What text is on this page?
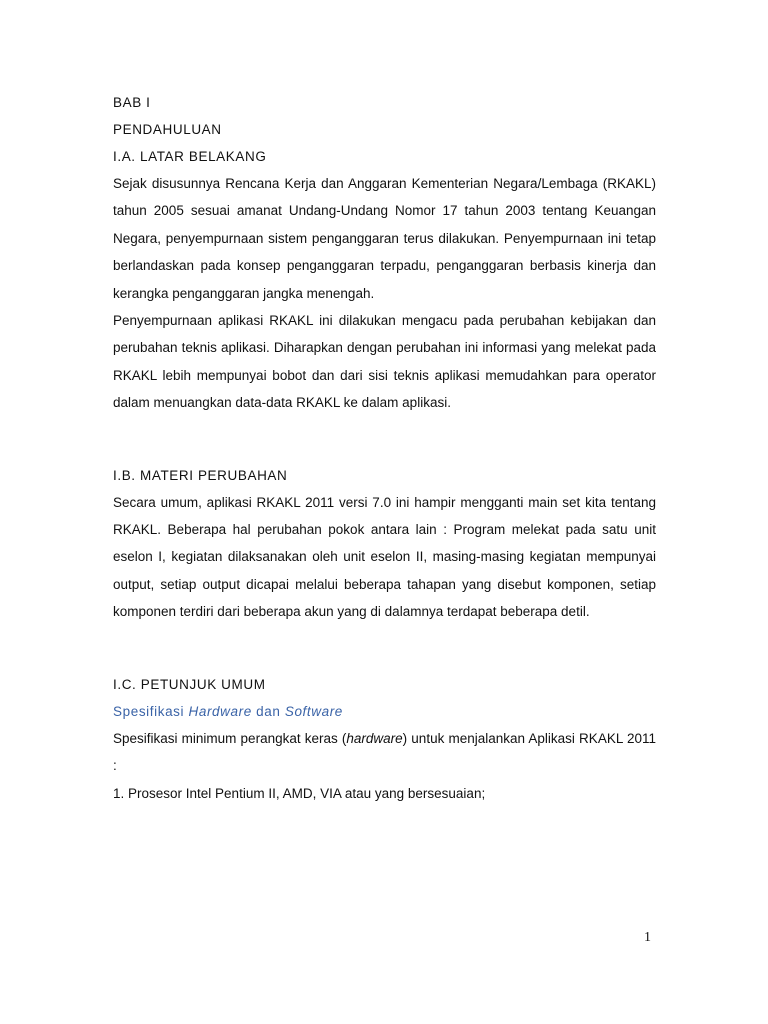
BAB I

PENDAHULUAN

I.A. LATAR BELAKANG

Sejak disusunnya Rencana Kerja dan Anggaran Kementerian Negara/Lembaga (RKAKL) tahun 2005 sesuai amanat Undang-Undang Nomor 17 tahun 2003 tentang Keuangan Negara, penyempurnaan sistem penganggaran terus dilakukan. Penyempurnaan ini tetap berlandaskan pada konsep penganggaran terpadu, penganggaran berbasis kinerja dan kerangka penganggaran jangka menengah.

Penyempurnaan aplikasi RKAKL ini dilakukan mengacu pada perubahan kebijakan dan perubahan teknis aplikasi. Diharapkan dengan perubahan ini informasi yang melekat pada RKAKL lebih mempunyai bobot dan dari sisi teknis aplikasi memudahkan para operator dalam menuangkan data-data RKAKL ke dalam aplikasi.

I.B. MATERI PERUBAHAN

Secara umum, aplikasi RKAKL 2011 versi 7.0 ini hampir mengganti main set kita tentang RKAKL. Beberapa hal perubahan pokok antara lain : Program melekat pada satu unit eselon I, kegiatan dilaksanakan oleh unit eselon II, masing-masing kegiatan mempunyai output, setiap output dicapai melalui beberapa tahapan yang disebut komponen, setiap komponen terdiri dari beberapa akun yang di dalamnya terdapat beberapa detil.

I.C. PETUNJUK UMUM

Spesifikasi Hardware dan Software

Spesifikasi minimum perangkat keras (hardware) untuk menjalankan Aplikasi RKAKL 2011 :

1. Prosesor Intel Pentium II, AMD, VIA atau yang bersesuaian;

1
